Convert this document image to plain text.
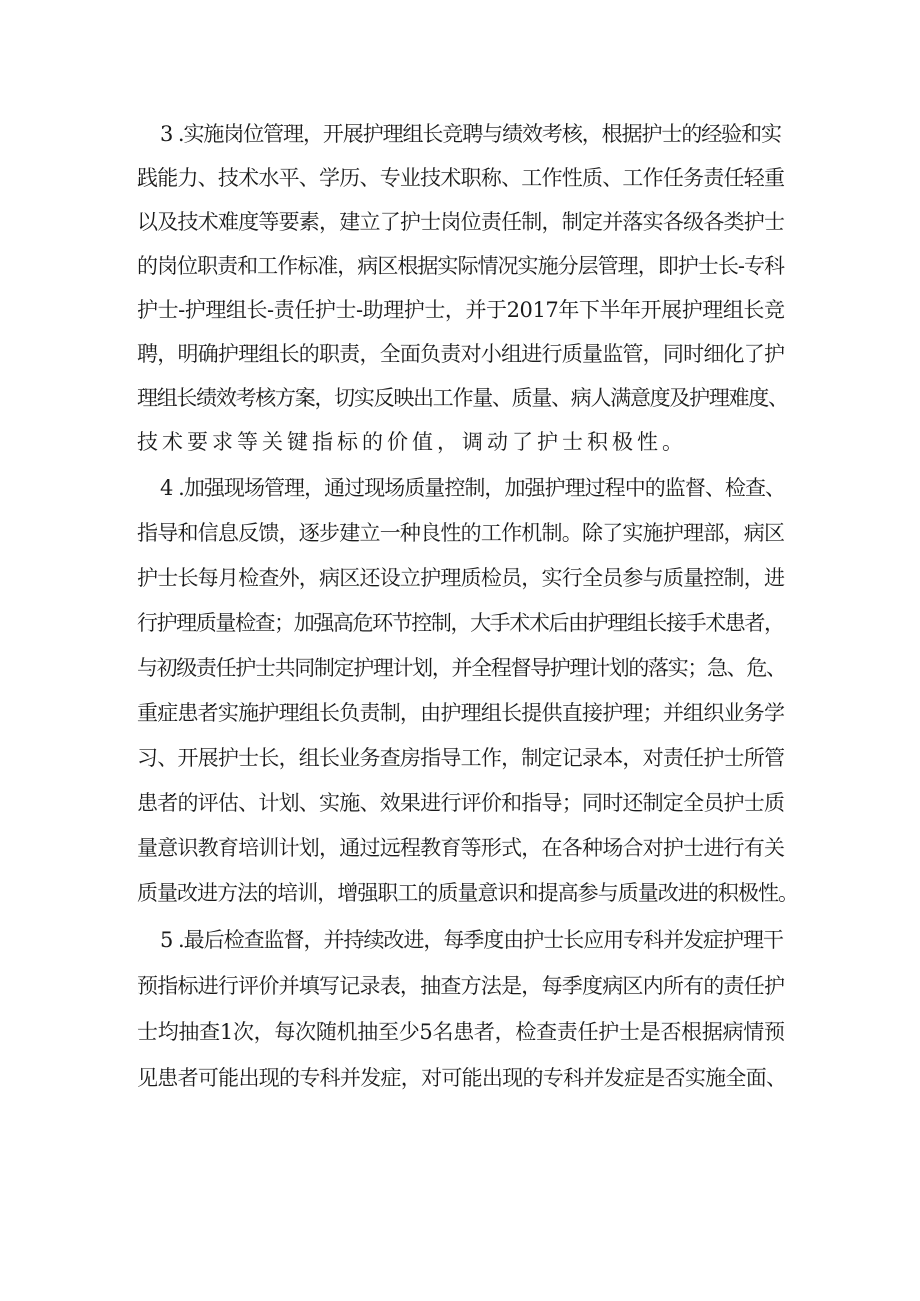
3 .实施岗位管理，开展护理组长竞聘与绩效考核，根据护士的经验和实
践能力、技术水平、学历、专业技术职称、工作性质、工作任务责任轻重
以及技术难度等要素，建立了护士岗位责任制，制定并落实各级各类护士
的岗位职责和工作标准，病区根据实际情况实施分层管理，即护士长-专科
护士-护理组长-责任护士-助理护士，并于2017年下半年开展护理组长竞
聘，明确护理组长的职责，全面负责对小组进行质量监管，同时细化了护
理组长绩效考核方案，切实反映出工作量、质量、病人满意度及护理难度、
技术要求等关键指标的价值，调动了护士积极性。
4 .加强现场管理，通过现场质量控制，加强护理过程中的监督、检查、
指导和信息反馈，逐步建立一种良性的工作机制。除了实施护理部，病区
护士长每月检查外，病区还设立护理质检员，实行全员参与质量控制，进
行护理质量检查；加强高危环节控制，大手术术后由护理组长接手术患者，
与初级责任护士共同制定护理计划，并全程督导护理计划的落实；急、危、
重症患者实施护理组长负责制，由护理组长提供直接护理；并组织业务学
习、开展护士长，组长业务查房指导工作，制定记录本，对责任护士所管
患者的评估、计划、实施、效果进行评价和指导；同时还制定全员护士质
量意识教育培训计划，通过远程教育等形式，在各种场合对护士进行有关
质量改进方法的培训，增强职工的质量意识和提高参与质量改进的积极性。
5 .最后检查监督，并持续改进，每季度由护士长应用专科并发症护理干
预指标进行评价并填写记录表，抽查方法是，每季度病区内所有的责任护
士均抽查1次，每次随机抽至少5名患者，检查责任护士是否根据病情预
见患者可能出现的专科并发症，对可能出现的专科并发症是否实施全面、
